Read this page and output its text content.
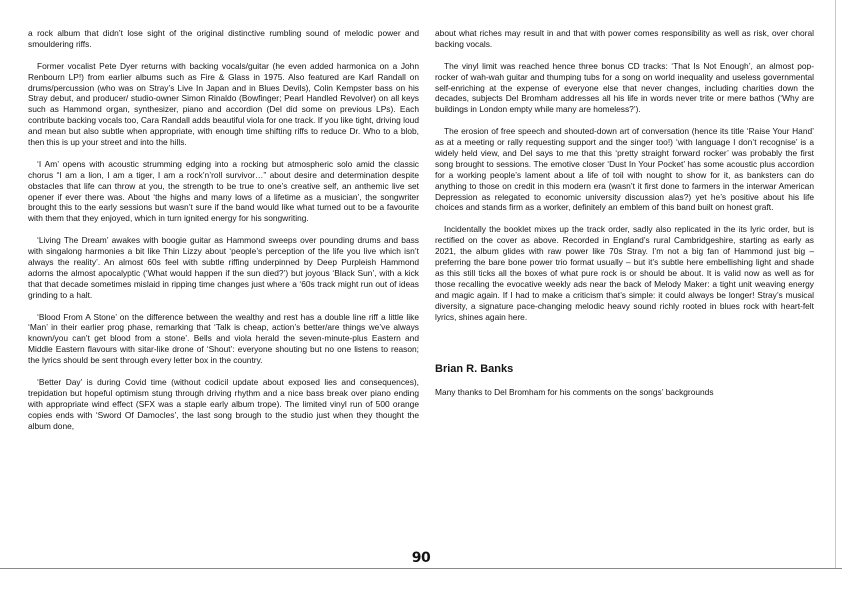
a rock album that didn’t lose sight of the original distinctive rumbling sound of melodic power and smouldering riffs.

Former vocalist Pete Dyer returns with backing vocals/guitar (he even added harmonica on a John Renbourn LP!) from earlier albums such as Fire & Glass in 1975. Also featured are Karl Randall on drums/percussion (who was on Stray’s Live In Japan and in Blues Devils), Colin Kempster bass on his Stray debut, and producer/ studio-owner Simon Rinaldo (Bowfinger; Pearl Handled Revolver) on all keys such as Hammond organ, synthesizer, piano and accordion (Del did some on previous LPs). Each contribute backing vocals too, Cara Randall adds beautiful viola for one track. If you like tight, driving loud and mean but also subtle when appropriate, with enough time shifting riffs to reduce Dr. Who to a blob, then this is up your street and into the hills.

‘I Am’ opens with acoustic strumming edging into a rocking but atmospheric solo amid the classic chorus “I am a lion, I am a tiger, I am a rock’n’roll survivor…” about desire and determination despite obstacles that life can throw at you, the strength to be true to one’s creative self, an anthemic live set opener if ever there was. About ‘the highs and many lows of a lifetime as a musician’, the songwriter brought this to the early sessions but wasn’t sure if the band would like what turned out to be a favourite with them that they enjoyed, which in turn ignited energy for his songwriting.

‘Living The Dream’ awakes with boogie guitar as Hammond sweeps over pounding drums and bass with singalong harmonies a bit like Thin Lizzy about ‘people’s perception of the life you live which isn’t always the reality’. An almost 60s feel with subtle riffing underpinned by Deep Purpleish Hammond adorns the almost apocalyptic (‘What would happen if the sun died?’) but joyous ‘Black Sun’, with a kick that that decade sometimes mislaid in ripping time changes just where a ‘60s track might run out of ideas grinding to a halt.

‘Blood From A Stone’ on the difference between the wealthy and rest has a double line riff a little like ‘Man’ in their earlier prog phase, remarking that ‘Talk is cheap, action’s better/are things we’ve always known/you can’t get blood from a stone’. Bells and viola herald the seven-minute-plus Eastern and Middle Eastern flavours with sitar-like drone of ‘Shout’: everyone shouting but no one listens to reason; the lyrics should be sent through every letter box in the country.

‘Better Day’ is during Covid time (without codicil update about exposed lies and consequences), trepidation but hopeful optimism stung through driving rhythm and a nice bass break over piano ending with appropriate wind effect (SFX was a staple early album trope). The limited vinyl run of 500 orange copies ends with ‘Sword Of Damocles’, the last song brough to the studio just when they thought the album done,

about what riches may result in and that with power comes responsibility as well as risk, over choral backing vocals.

The vinyl limit was reached hence three bonus CD tracks: ‘That Is Not Enough’, an almost pop-rocker of wah-wah guitar and thumping tubs for a song on world inequality and useless governmental self-enriching at the expense of everyone else that never changes, including charities down the decades, subjects Del Bromham addresses all his life in words never trite or mere bathos (‘Why are buildings in London empty while many are homeless?’).

The erosion of free speech and shouted-down art of conversation (hence its title ‘Raise Your Hand’ as at a meeting or rally requesting support and the singer too!) ‘with language I don’t recognise’ is a widely held view, and Del says to me that this ‘pretty straight forward rocker’ was probably the first song brought to sessions. The emotive closer ‘Dust In Your Pocket’ has some acoustic plus accordion for a working people’s lament about a life of toil with nought to show for it, as banksters can do anything to those on credit in this modern era (wasn’t it first done to farmers in the interwar American Depression as relegated to economic university discussion alas?) yet he’s positive about his life choices and stands firm as a worker, definitely an emblem of this band built on honest graft.

Incidentally the booklet mixes up the track order, sadly also replicated in the its lyric order, but is rectified on the cover as above. Recorded in England’s rural Cambridgeshire, starting as early as 2021, the album glides with raw power like 70s Stray. I’m not a big fan of Hammond just big – preferring the bare bone power trio format usually – but it’s subtle here embellishing light and shade as this still ticks all the boxes of what pure rock is or should be about. It is valid now as well as for those recalling the evocative weekly ads near the back of Melody Maker: a tight unit weaving energy and magic again. If I had to make a criticism that’s simple: it could always be longer! Stray’s musical diversity, a signature pace-changing melodic heavy sound richly rooted in blues rock with heart-felt lyrics, shines again here.

Brian R. Banks

Many thanks to Del Bromham for his comments on the songs’ backgrounds

90
